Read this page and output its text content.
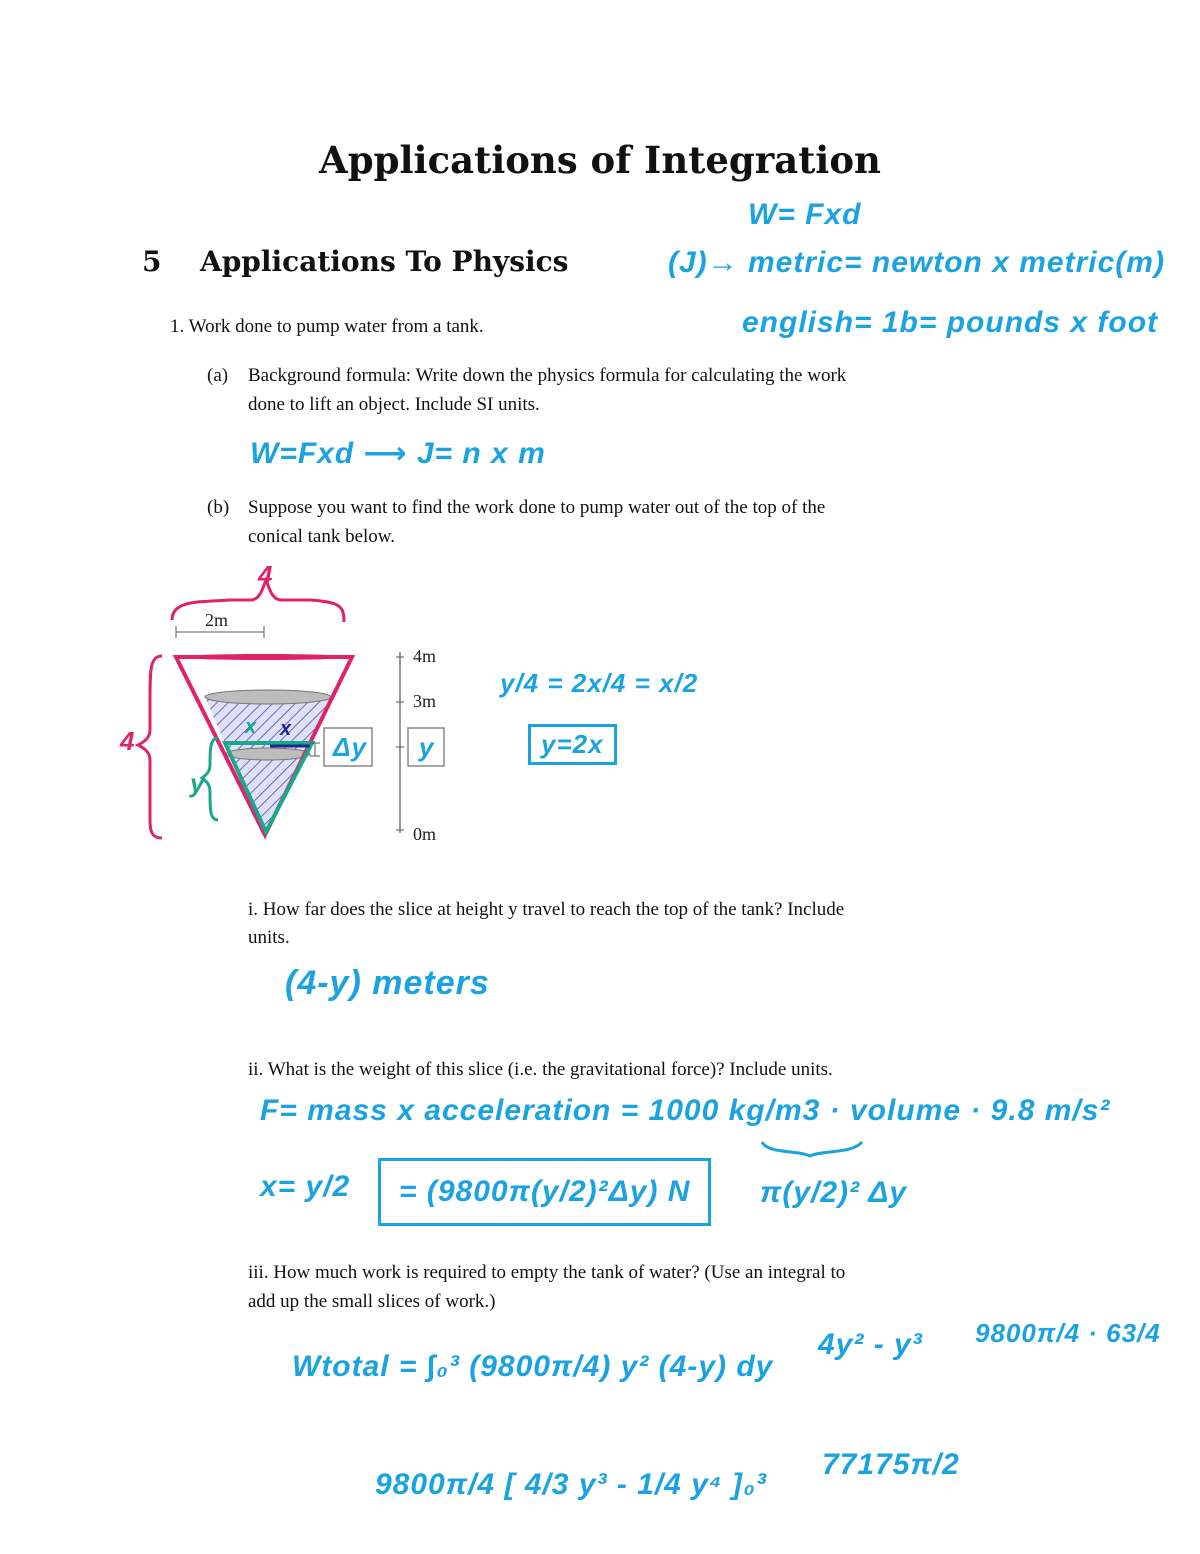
Applications of Integration
5 Applications To Physics
1. Work done to pump water from a tank.
(a) Background formula: Write down the physics formula for calculating the work
done to lift an object. Include SI units.
(b) Suppose you want to find the work done to pump water out of the top of the
conical tank below.
i. How far does the slice at height y travel to reach the top of the tank? Include
units.
ii. What is the weight of this slice (i.e. the gravitational force)? Include units.
iii. How much work is required to empty the tank of water? (Use an integral to
add up the small slices of work.)
W= Fxd
(J)→ metric= newton x metric(m)
english= 1b= pounds x foot
W=Fxd ⟶ J= n x m
2m
4m
3m
0m
Δy y
4
4
y
x x
y/4 = 2x/4 = x/2
y=2x
(4-y) meters
F= mass x acceleration = 1000 kg/m3 · volume · 9.8 m/s²
x= y/2	= (9800π(y/2)²Δy) N	π(y/2)² Δy
Wtotal = ∫₀³ (9800π/4) y² (4-y) dy
4y² - y³ 9800π/4 · 63/4
9800π/4 [ 4/3 y³ - 1/4 y⁴ ]₀³
77175π/2
